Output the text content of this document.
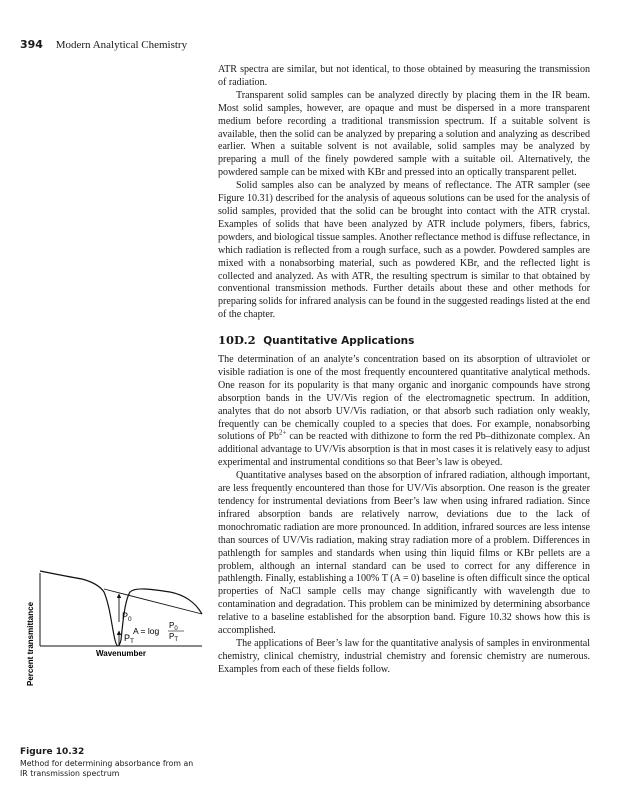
394 Modern Analytical Chemistry

ATR spectra are similar, but not identical, to those obtained by measuring the transmission of radiation.

Transparent solid samples can be analyzed directly by placing them in the IR beam. Most solid samples, however, are opaque and must be dispersed in a more transparent medium before recording a traditional transmission spectrum. If a suitable solvent is available, then the solid can be analyzed by preparing a solution and analyzing as described earlier. When a suitable solvent is not available, solid samples may be analyzed by preparing a mull of the finely powdered sample with a suitable oil. Alternatively, the powdered sample can be mixed with KBr and pressed into an optically transparent pellet.

Solid samples also can be analyzed by means of reflectance. The ATR sampler (see Figure 10.31) described for the analysis of aqueous solutions can be used for the analysis of solid samples, provided that the solid can be brought into contact with the ATR crystal. Examples of solids that have been analyzed by ATR include polymers, fibers, fabrics, powders, and biological tissue samples. Another reflectance method is diffuse reflectance, in which radiation is reflected from a rough surface, such as a powder. Powdered samples are mixed with a nonabsorbing material, such as powdered KBr, and the reflected light is collected and analyzed. As with ATR, the resulting spectrum is similar to that obtained by conventional transmission methods. Further details about these and other methods for preparing solids for infrared analysis can be found in the suggested readings listed at the end of the chapter.

10D.2 Quantitative Applications

The determination of an analyte’s concentration based on its absorption of ultraviolet or visible radiation is one of the most frequently encountered quantitative analytical methods. One reason for its popularity is that many organic and inorganic compounds have strong absorption bands in the UV/Vis region of the electromagnetic spectrum. In addition, analytes that do not absorb UV/Vis radiation, or that absorb such radiation only weakly, frequently can be chemically coupled to a species that does. For example, nonabsorbing solutions of $Pb^{2+}$ can be reacted with dithizone to form the red Pb–dithizonate complex. An additional advantage to UV/Vis absorption is that in most cases it is relatively easy to adjust experimental and instrumental conditions so that Beer’s law is obeyed.

Quantitative analyses based on the absorption of infrared radiation, although important, are less frequently encountered than those for UV/Vis absorption. One reason is the greater tendency for instrumental deviations from Beer’s law when using infrared radiation. Since infrared absorption bands are relatively narrow, deviations due to the lack of monochromatic radiation are more pronounced. In addition, infrared sources are less intense than sources of UV/Vis radiation, making stray radiation more of a problem. Differences in pathlength for samples and standards when using thin liquid films or KBr pellets are a problem, although an internal standard can be used to correct for any difference in pathlength. Finally, establishing a 100% T (A = 0) baseline is often difficult since the optical properties of NaCl sample cells may change significantly with wavelength due to contamination and degradation. This problem can be minimized by determining absorbance relative to a baseline established for the absorption band. Figure 10.32 shows how this is accomplished.

The applications of Beer’s law for the quantitative analysis of samples in environmental chemistry, clinical chemistry, industrial chemistry and forensic chemistry are numerous. Examples from each of these fields follow.

$P_0$
$P_T$
A = log
$P_0$
$P_T$
Percent transmittance	Wavenumber
Figure 10.32
Method for determining absorbance from an IR transmission spectrum
